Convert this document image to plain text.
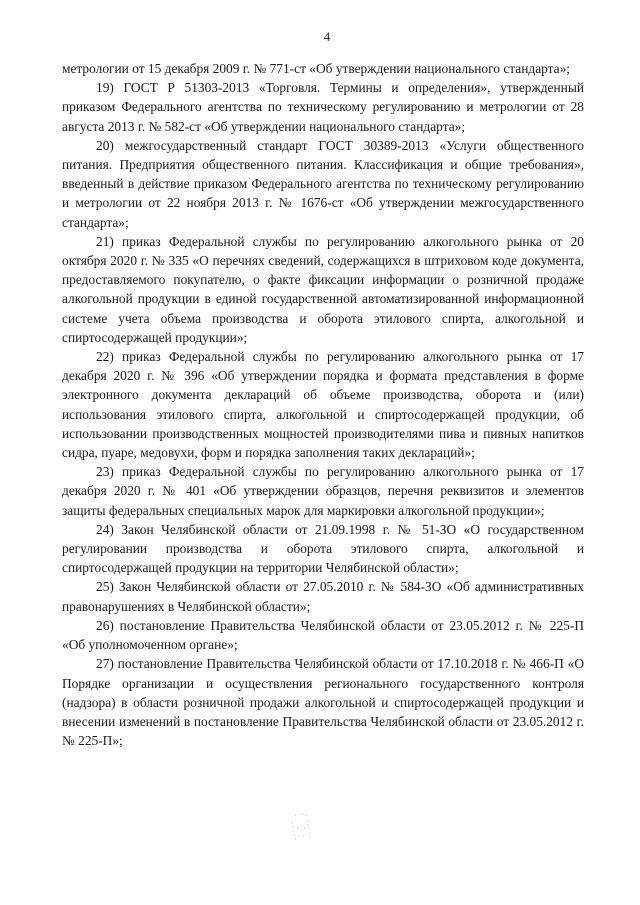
4

метрологии от 15 декабря 2009 г. № 771-ст «Об утверждении национального стандарта»;

19) ГОСТ Р 51303-2013 «Торговля. Термины и определения», утвержденный приказом Федерального агентства по техническому регулированию и метрологии от 28 августа 2013 г. № 582-ст «Об утверждении национального стандарта»;

20) межгосударственный стандарт ГОСТ 30389-2013 «Услуги общественного питания. Предприятия общественного питания. Классификация и общие требования», введенный в действие приказом Федерального агентства по техническому регулированию и метрологии от 22 ноября 2013 г. № 1676-ст «Об утверждении межгосударственного стандарта»;

21) приказ Федеральной службы по регулированию алкогольного рынка от 20 октября 2020 г. № 335 «О перечнях сведений, содержащихся в штриховом коде документа, предоставляемого покупателю, о факте фиксации информации о розничной продаже алкогольной продукции в единой государственной автоматизированной информационной системе учета объема производства и оборота этилового спирта, алкогольной и спиртосодержащей продукции»;

22) приказ Федеральной службы по регулированию алкогольного рынка от 17 декабря 2020 г. № 396 «Об утверждении порядка и формата представления в форме электронного документа деклараций об объеме производства, оборота и (или) использования этилового спирта, алкогольной и спиртосодержащей продукции, об использовании производственных мощностей производителями пива и пивных напитков сидра, пуаре, медовухи, форм и порядка заполнения таких деклараций»;

23) приказ Федеральной службы по регулированию алкогольного рынка от 17 декабря 2020 г. № 401 «Об утверждении образцов, перечня реквизитов и элементов защиты федеральных специальных марок для маркировки алкогольной продукции»;

24) Закон Челябинской области от 21.09.1998 г. № 51-ЗО «О государственном регулировании производства и оборота этилового спирта, алкогольной и спиртосодержащей продукции на территории Челябинской области»;

25) Закон Челябинской области от 27.05.2010 г. № 584-ЗО «Об административных правонарушениях в Челябинской области»;

26) постановление Правительства Челябинской области от 23.05.2012 г. № 225-П «Об уполномоченном органе»;

27) постановление Правительства Челябинской области от 17.10.2018 г. № 466-П «О Порядке организации и осуществления регионального государственного контроля (надзора) в области розничной продажи алкогольной и спиртосодержащей продукции и внесении изменений в постановление Правительства Челябинской области от 23.05.2012 г. № 225-П»;
